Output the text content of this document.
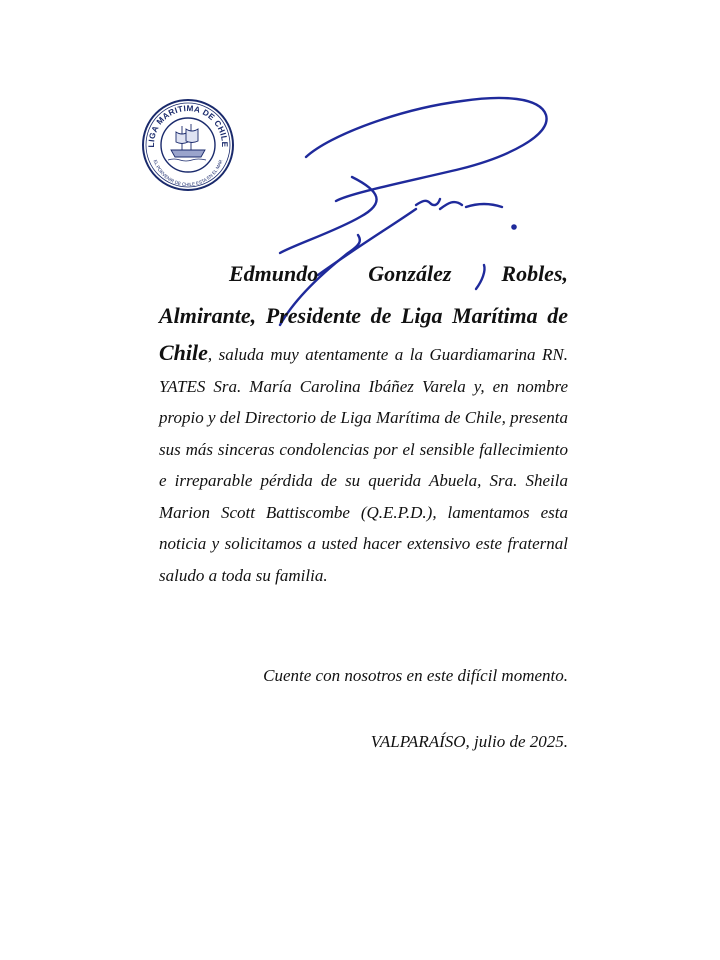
LIGA MARITIMA DE CHILE
EL PORVENIR DE CHILE ESTA EN EL MAR

Edmundo González Robles,

Almirante, Presidente de Liga Marítima de

Chile, saluda muy atentamente a la Guardiamarina RN. YATES Sra. María Carolina Ibáñez Varela y, en nombre propio y del Directorio de Liga Marítima de Chile, presenta sus más sinceras condolencias por el sensible fallecimiento e irreparable pérdida de su querida Abuela, Sra. Sheila Marion Scott Battiscombe (Q.E.P.D.), lamentamos esta noticia y solicitamos a usted hacer extensivo este fraternal saludo a toda su familia.

Cuente con nosotros en este difícil momento.
VALPARAÍSO, julio de 2025.
